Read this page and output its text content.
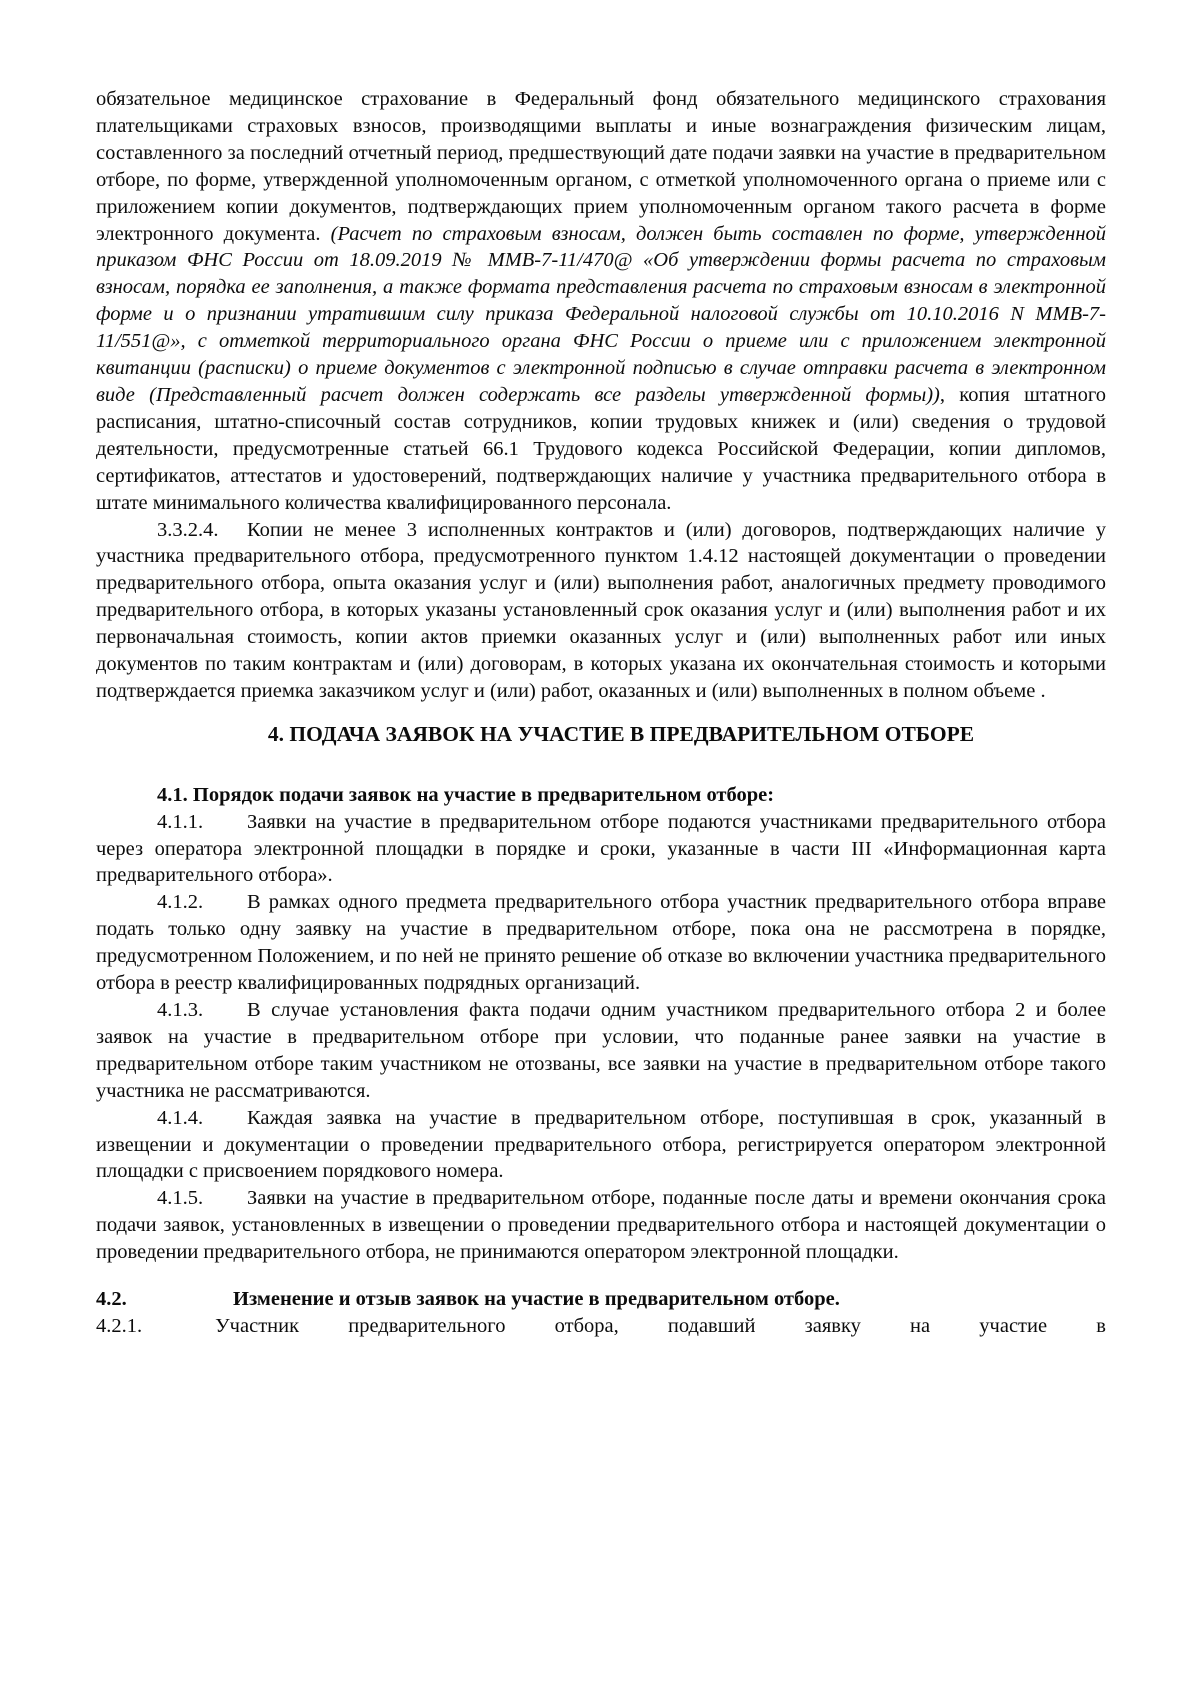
обязательное медицинское страхование в Федеральный фонд обязательного медицинского страхования плательщиками страховых взносов, производящими выплаты и иные вознаграждения физическим лицам, составленного за последний отчетный период, предшествующий дате подачи заявки на участие в предварительном отборе, по форме, утвержденной уполномоченным органом, с отметкой уполномоченного органа о приеме или с приложением копии документов, подтверждающих прием уполномоченным органом такого расчета в форме электронного документа. (Расчет по страховым взносам, должен быть составлен по форме, утвержденной приказом ФНС России от 18.09.2019 № ММВ-7-11/470@ «Об утверждении формы расчета по страховым взносам, порядка ее заполнения, а также формата представления расчета по страховым взносам в электронной форме и о признании утратившим силу приказа Федеральной налоговой службы от 10.10.2016 N ММВ-7-11/551@», с отметкой территориального органа ФНС России о приеме или с приложением электронной квитанции (расписки) о приеме документов с электронной подписью в случае отправки расчета в электронном виде (Представленный расчет должен содержать все разделы утвержденной формы)), копия штатного расписания, штатно-списочный состав сотрудников, копии трудовых книжек и (или) сведения о трудовой деятельности, предусмотренные статьей 66.1 Трудового кодекса Российской Федерации, копии дипломов, сертификатов, аттестатов и удостоверений, подтверждающих наличие у участника предварительного отбора в штате минимального количества квалифицированного персонала.

3.3.2.4. Копии не менее 3 исполненных контрактов и (или) договоров, подтверждающих наличие у участника предварительного отбора, предусмотренного пунктом 1.4.12 настоящей документации о проведении предварительного отбора, опыта оказания услуг и (или) выполнения работ, аналогичных предмету проводимого предварительного отбора, в которых указаны установленный срок оказания услуг и (или) выполнения работ и их первоначальная стоимость, копии актов приемки оказанных услуг и (или) выполненных работ или иных документов по таким контрактам и (или) договорам, в которых указана их окончательная стоимость и которыми подтверждается приемка заказчиком услуг и (или) работ, оказанных и (или) выполненных в полном объеме .

4. ПОДАЧА ЗАЯВОК НА УЧАСТИЕ В ПРЕДВАРИТЕЛЬНОМ ОТБОРЕ

4.1. Порядок подачи заявок на участие в предварительном отборе:

4.1.1. Заявки на участие в предварительном отборе подаются участниками предварительного отбора через оператора электронной площадки в порядке и сроки, указанные в части III «Информационная карта предварительного отбора».

4.1.2. В рамках одного предмета предварительного отбора участник предварительного отбора вправе подать только одну заявку на участие в предварительном отборе, пока она не рассмотрена в порядке, предусмотренном Положением, и по ней не принято решение об отказе во включении участника предварительного отбора в реестр квалифицированных подрядных организаций.

4.1.3. В случае установления факта подачи одним участником предварительного отбора 2 и более заявок на участие в предварительном отборе при условии, что поданные ранее заявки на участие в предварительном отборе таким участником не отозваны, все заявки на участие в предварительном отборе такого участника не рассматриваются.

4.1.4. Каждая заявка на участие в предварительном отборе, поступившая в срок, указанный в извещении и документации о проведении предварительного отбора, регистрируется оператором электронной площадки с присвоением порядкового номера.

4.1.5. Заявки на участие в предварительном отборе, поданные после даты и времени окончания срока подачи заявок, установленных в извещении о проведении предварительного отбора и настоящей документации о проведении предварительного отбора, не принимаются оператором электронной площадки.

4.2.	Изменение и отзыв заявок на участие в предварительном отборе.

4.2.1.	Участник предварительного отбора, подавший заявку на участие в
